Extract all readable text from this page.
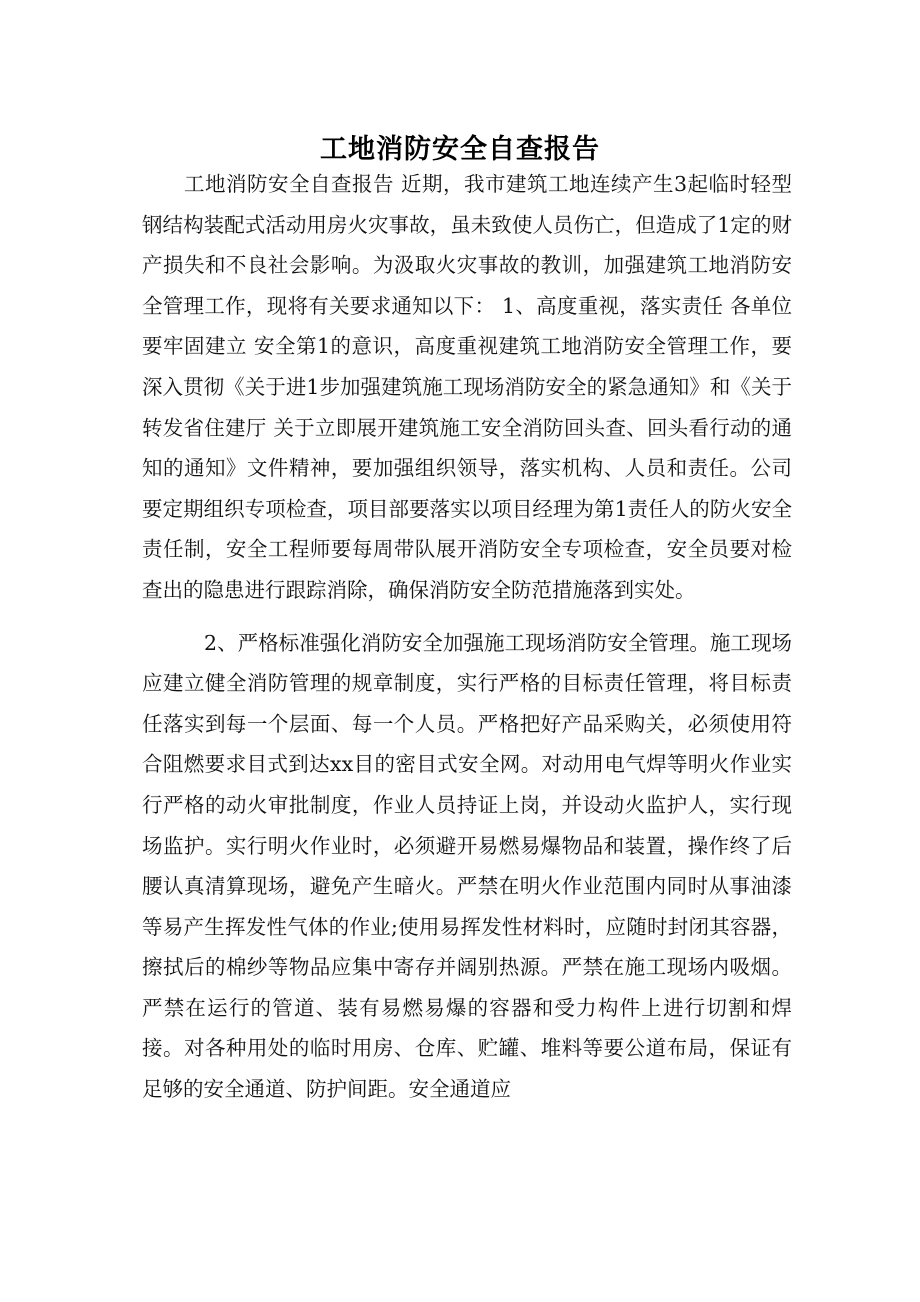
工地消防安全自查报告

工地消防安全自查报告 近期，我市建筑工地连续产生3起临时轻型钢结构装配式活动用房火灾事故，虽未致使人员伤亡，但造成了1定的财产损失和不良社会影响。为汲取火灾事故的教训，加强建筑工地消防安全管理工作，现将有关要求通知以下： 1、高度重视，落实责任 各单位要牢固建立 安全第1的意识，高度重视建筑工地消防安全管理工作，要深入贯彻《关于进1步加强建筑施工现场消防安全的紧急通知》和《关于转发省住建厅 关于立即展开建筑施工安全消防回头查、回头看行动的通知的通知》文件精神，要加强组织领导，落实机构、人员和责任。公司要定期组织专项检查，项目部要落实以项目经理为第1责任人的防火安全责任制，安全工程师要每周带队展开消防安全专项检查，安全员要对检查出的隐患进行跟踪消除，确保消防安全防范措施落到实处。

2、严格标准强化消防安全加强施工现场消防安全管理。施工现场应建立健全消防管理的规章制度，实行严格的目标责任管理，将目标责任落实到每一个层面、每一个人员。严格把好产品采购关，必须使用符合阻燃要求目式到达xx目的密目式安全网。对动用电气焊等明火作业实行严格的动火审批制度，作业人员持证上岗，并设动火监护人，实行现场监护。实行明火作业时，必须避开易燃易爆物品和装置，操作终了后腰认真清算现场，避免产生暗火。严禁在明火作业范围内同时从事油漆等易产生挥发性气体的作业;使用易挥发性材料时，应随时封闭其容器，擦拭后的棉纱等物品应集中寄存并阔别热源。严禁在施工现场内吸烟。严禁在运行的管道、装有易燃易爆的容器和受力构件上进行切割和焊接。对各种用处的临时用房、仓库、贮罐、堆料等要公道布局，保证有足够的安全通道、防护间距。安全通道应
